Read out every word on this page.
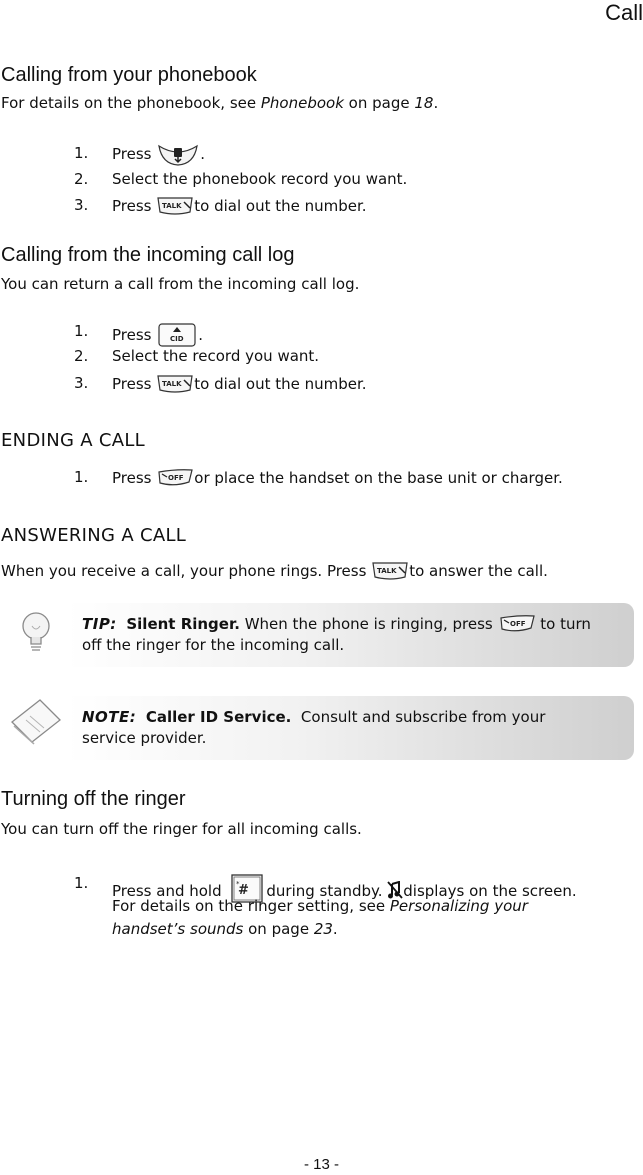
Call
Calling from your phonebook
For details on the phonebook, see Phonebook on page 18.
1.	Press	.
2.	Select the phonebook record you want.
3.	Press TALK to dial out the number.
Calling from the incoming call log
You can return a call from the incoming call log.
1.	Press	CID .
2.	Select the record you want.
3.	Press TALK to dial out the number.
ENDING A CALL
1.	Press OFF or place the handset on the base unit or charger.
ANSWERING A CALL
When you receive a call, your phone rings. Press TALK to answer the call.
TIP: Silent Ringer. When the phone is ringing, press OFF to turn off the ringer for the incoming call.
NOTE: Caller ID Service. Consult and subscribe from your service provider.
Turning off the ringer
You can turn off the ringer for all incoming calls.
1.	Press and hold #
* during standby. displays on the screen.
For details on the ringer setting, see Personalizing your
handset’s sounds on page 23.
- 13 -
